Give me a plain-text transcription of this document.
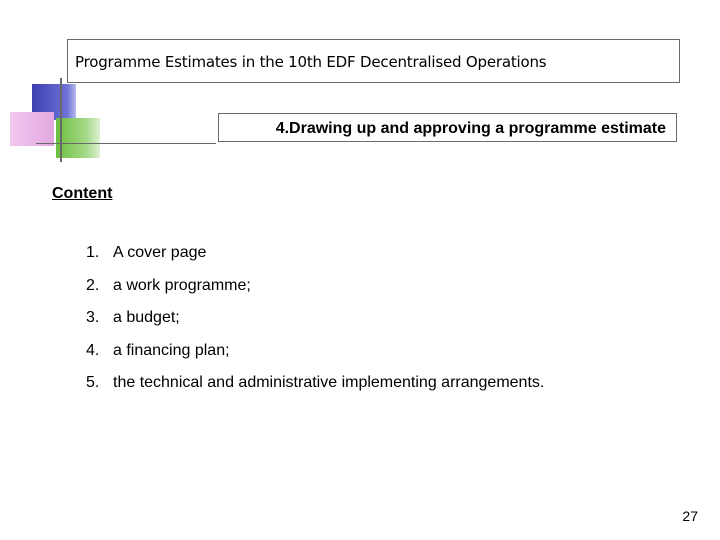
Programme Estimates in the 10th EDF Decentralised Operations
4.Drawing up and approving a programme estimate
Content
1. A cover page
2. a work programme;
3. a budget;
4. a financing plan;
5. the technical and administrative implementing arrangements.
27
